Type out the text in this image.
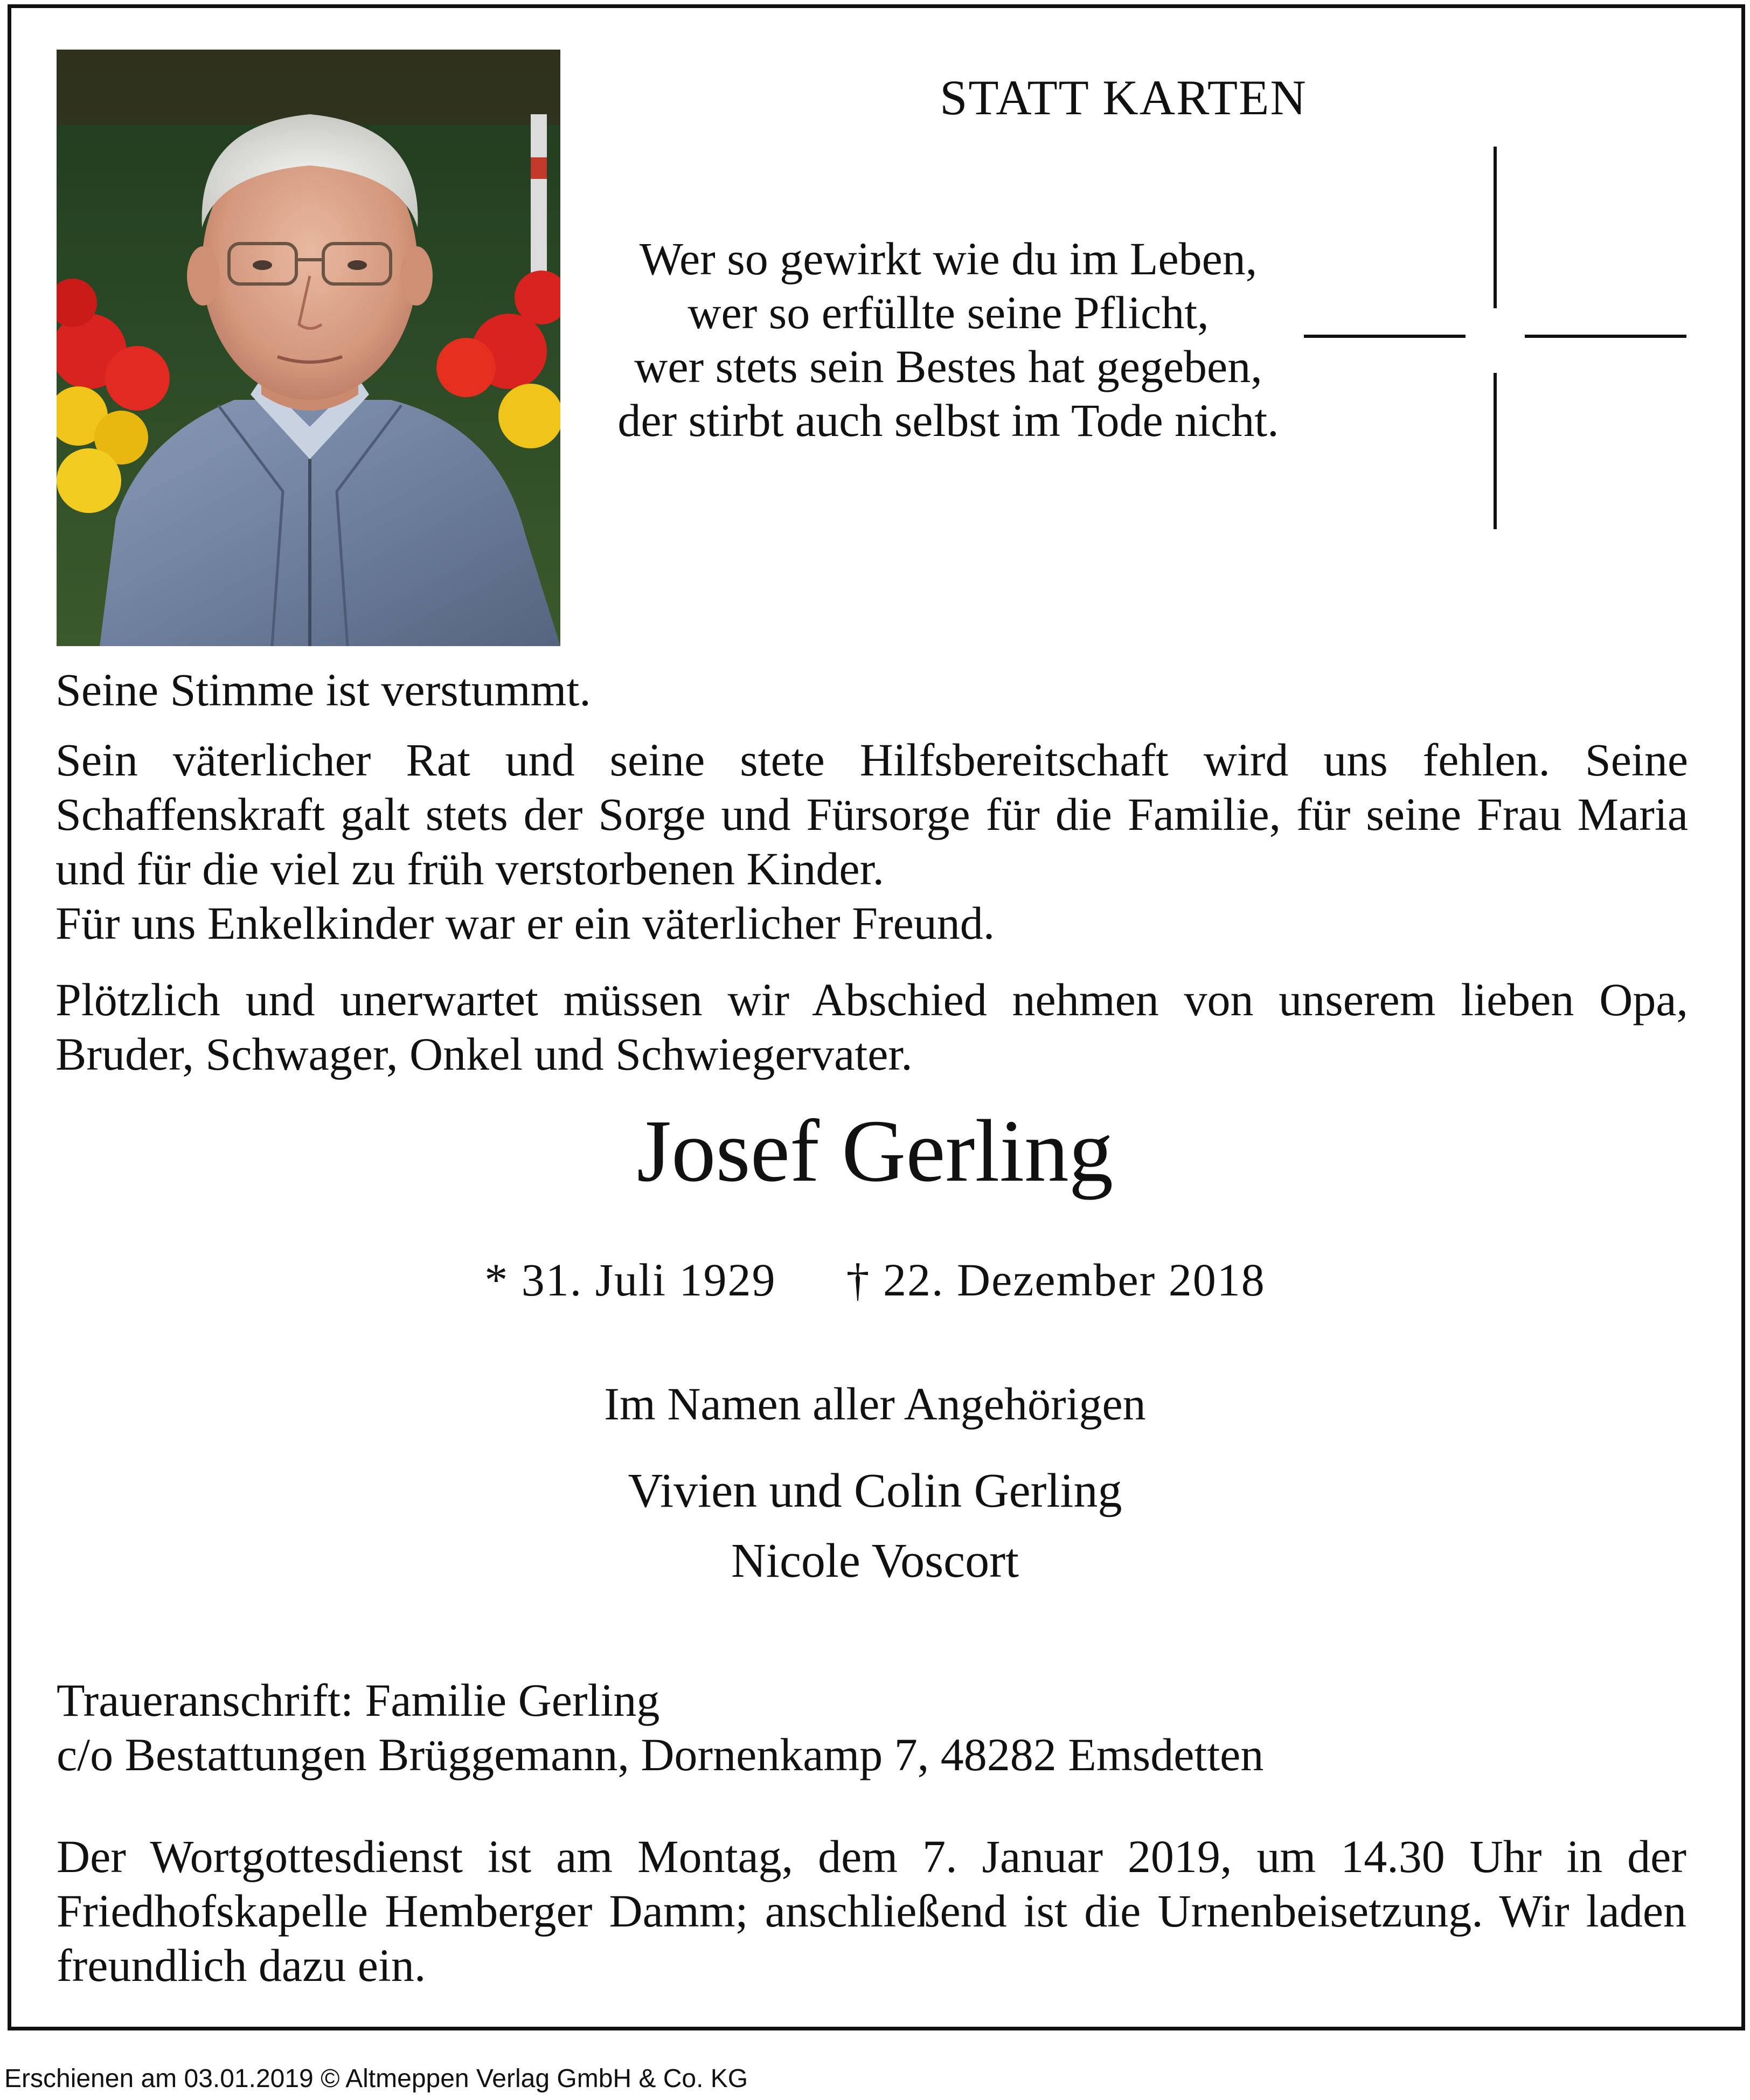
STATT KARTEN
Wer so gewirkt wie du im Leben,
wer so erfüllte seine Pflicht,
wer stets sein Bestes hat gegeben,
der stirbt auch selbst im Tode nicht.
Seine Stimme ist verstummt.
Sein väterlicher Rat und seine stete Hilfsbereitschaft wird uns fehlen. Seine Schaffenskraft galt stets der Sorge und Fürsorge für die Familie, für seine Frau Maria und für die viel zu früh verstorbenen Kinder.
Für uns Enkelkinder war er ein väterlicher Freund.
Plötzlich und unerwartet müssen wir Abschied nehmen von unserem lieben Opa, Bruder, Schwager, Onkel und Schwiegervater.
Josef Gerling
* 31. Juli 1929 † 22. Dezember 2018
Im Namen aller Angehörigen
Vivien und Colin Gerling
Nicole Voscort
Traueranschrift: Familie Gerling
c/o Bestattungen Brüggemann, Dornenkamp 7, 48282 Emsdetten
Der Wortgottesdienst ist am Montag, dem 7. Januar 2019, um 14.30 Uhr in der Friedhofskapelle Hemberger Damm; anschließend ist die Urnenbeisetzung. Wir laden freundlich dazu ein.
Erschienen am 03.01.2019 © Altmeppen Verlag GmbH & Co. KG
